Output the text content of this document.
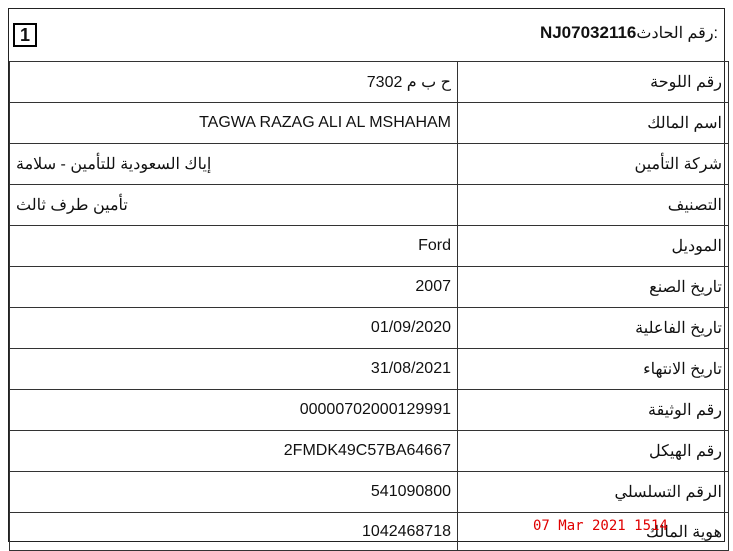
1	NJ07032116 :رقم الحادث
ح ب م 7302	رقم اللوحة
TAGWA RAZAG ALI AL MSHAHAM	اسم المالك
إياك السعودية للتأمين - سلامة	شركة التأمين
تأمين طرف ثالث	التصنيف
Ford	الموديل
2007	تاريخ الصنع
01/09/2020	تاريخ الفاعلية
31/08/2021	تاريخ الانتهاء
00000702000129991	رقم الوثيقة
2FMDK49C57BA64667	رقم الهيكل
541090800	الرقم التسلسلي
1042468718	هوية المالك
07 Mar 2021 1514
